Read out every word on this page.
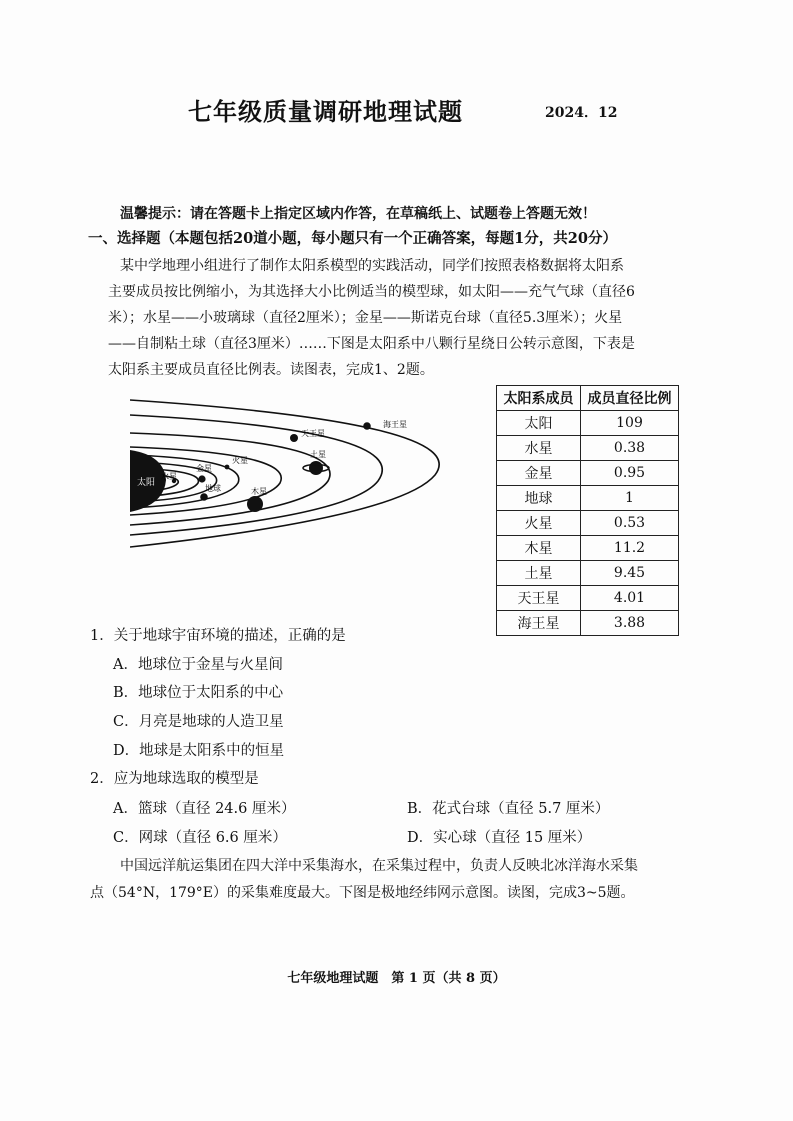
七年级质量调研地理试题	2024．12
温馨提示：请在答题卡上指定区域内作答，在草稿纸上、试题卷上答题无效！
一、选择题（本题包括20道小题，每小题只有一个正确答案，每题1分，共20分）
某中学地理小组进行了制作太阳系模型的实践活动，同学们按照表格数据将太阳系
主要成员按比例缩小，为其选择大小比例适当的模型球，如太阳——充气气球（直径6
米）；水星——小玻璃球（直径2厘米）；金星——斯诺克台球（直径5.3厘米）；火星
——自制粘土球（直径3厘米）……下图是太阳系中八颗行星绕日公转示意图，下表是
太阳系主要成员直径比例表。读图表，完成1、2题。
太阳
水星
金星
地球
火星
木星
土星
天王星
海王星
太阳系成员	成员直径比例
太阳	109
水星	0.38
金星	0.95
地球	1
火星	0.53
木星	11.2
土星	9.45
天王星	4.01
海王星	3.88
1．关于地球宇宙环境的描述，正确的是
A．地球位于金星与火星间
B．地球位于太阳系的中心
C．月亮是地球的人造卫星
D．地球是太阳系中的恒星
2．应为地球选取的模型是
A．篮球（直径 24.6 厘米）	B．花式台球（直径 5.7 厘米）
C．网球（直径 6.6 厘米）	D．实心球（直径 15 厘米）
中国远洋航运集团在四大洋中采集海水，在采集过程中，负责人反映北冰洋海水采集
点（54°N，179°E）的采集难度最大。下图是极地经纬网示意图。读图，完成3~5题。
七年级地理试题　第 1 页（共 8 页）
